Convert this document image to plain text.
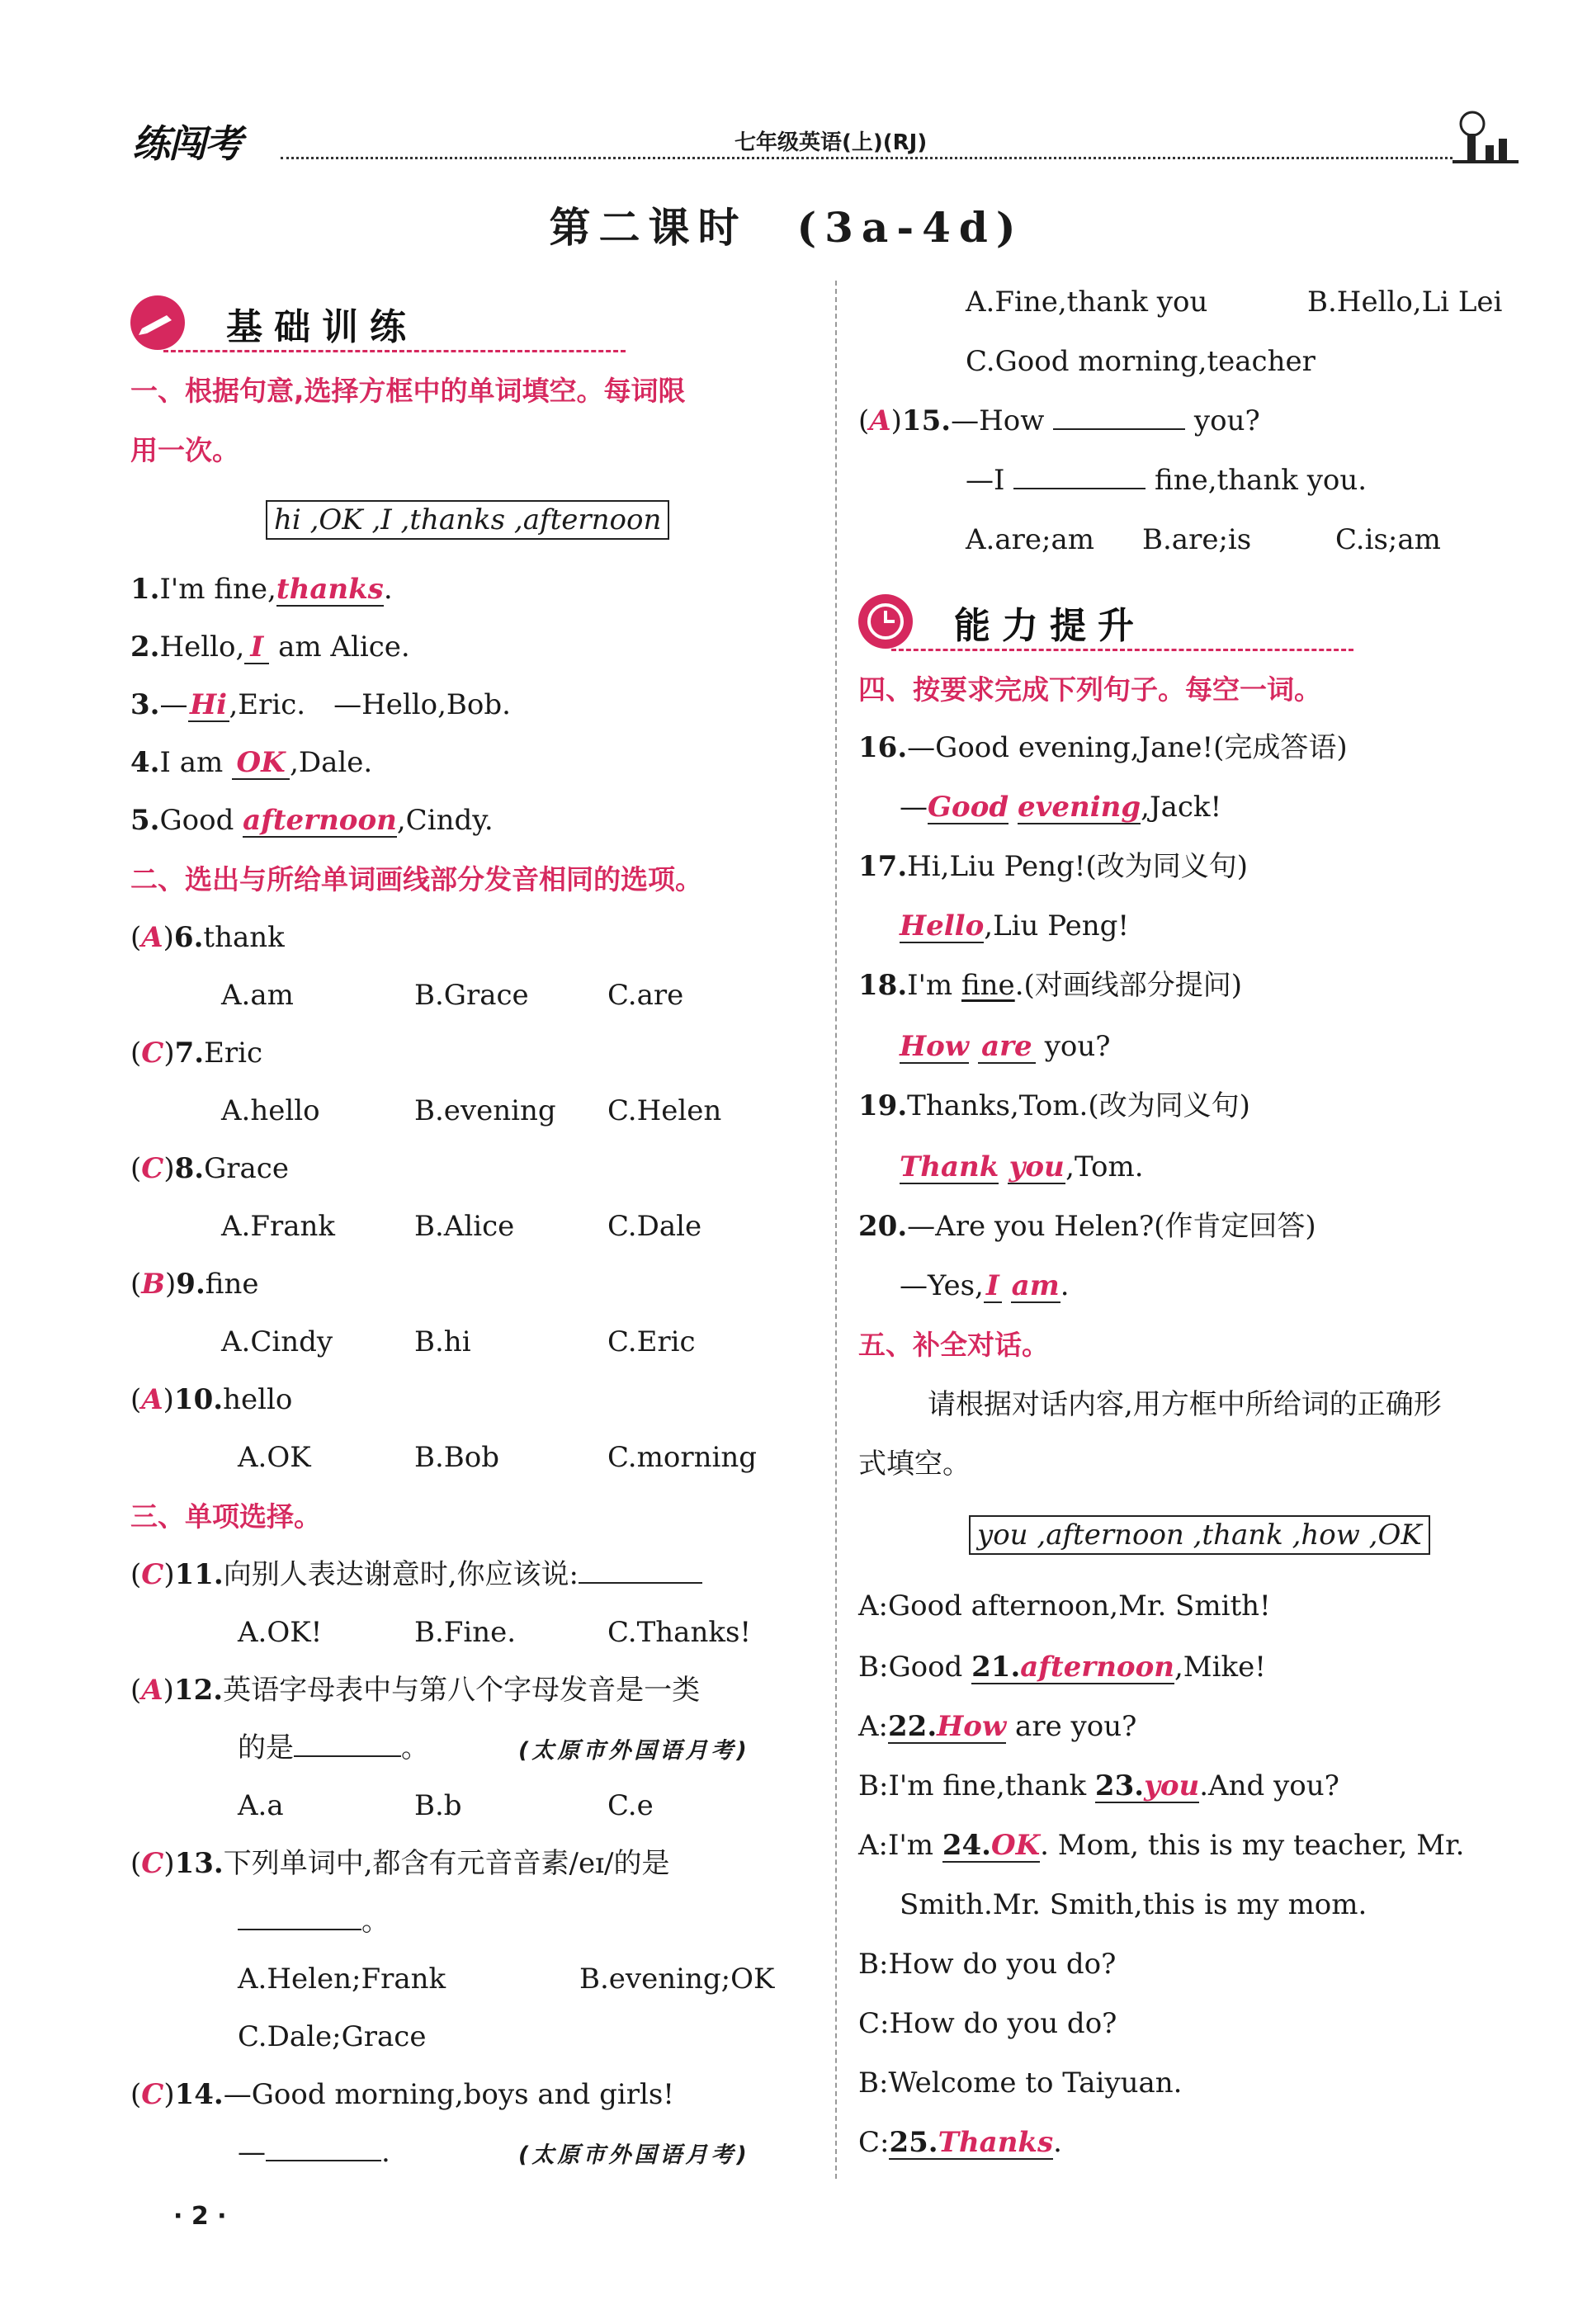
练闯考	七年级英语(上)(RJ)
第二课时　(3a-4d)
基础训练
一、根据句意,选择方框中的单词填空。每词限
用一次。
hi ,OK ,I ,thanks ,afternoon
1.I'm fine,thanks.
2.Hello, I am Alice.
3.—Hi,Eric.　—Hello,Bob.
4.I am OK ,Dale.
5.Good afternoon,Cindy.
二、选出与所给单词画线部分发音相同的选项。
(A)6.thank
A.am	B.Grace	C.are
(C)7.Eric
A.hello	B.evening C.Helen
(C)8.Grace
A.Frank	B.Alice	C.Dale
(B)9.fine
A.Cindy	B.hi	C.Eric
(A)10.hello
A.OK	B.Bob	C.morning
三、单项选择。
(C)11.向别人表达谢意时,你应该说:
A.OK!	B.Fine.	C.Thanks!
(A)12.英语字母表中与第八个字母发音是一类
的是	。	(太原市外国语月考)
A.a	B.b	C.e
(C)13.下列单词中,都含有元音音素/eɪ/的是
。
A.Helen;Frank	B.evening;OK
C.Dale;Grace
(C)14.—Good morning,boys and girls!
—	.	(太原市外国语月考)
A.Fine,thank you	B.Hello,Li Lei
C.Good morning,teacher
(A)15.—How	you?
—I	fine,thank you.
A.are;am B.are;is	C.is;am
能力提升
四、按要求完成下列句子。每空一词。
16.—Good evening,Jane!(完成答语)
—Good evening,Jack!
17.Hi,Liu Peng!(改为同义句)
Hello,Liu Peng!
18.I'm fine.(对画线部分提问)
How are you?
19.Thanks,Tom.(改为同义句)
Thank you,Tom.
20.—Are you Helen?(作肯定回答)
—Yes,I am.
五、补全对话。
请根据对话内容,用方框中所给词的正确形
式填空。
you ,afternoon ,thank ,how ,OK
A:Good afternoon,Mr. Smith!
B:Good 21.afternoon,Mike!
A:22.How are you?
B:I'm fine,thank 23.you.And you?
A:I'm 24.OK. Mom, this is my teacher, Mr.
Smith.Mr. Smith,this is my mom.
B:How do you do?
C:How do you do?
B:Welcome to Taiyuan.
C:25.Thanks.
· 2 ·
